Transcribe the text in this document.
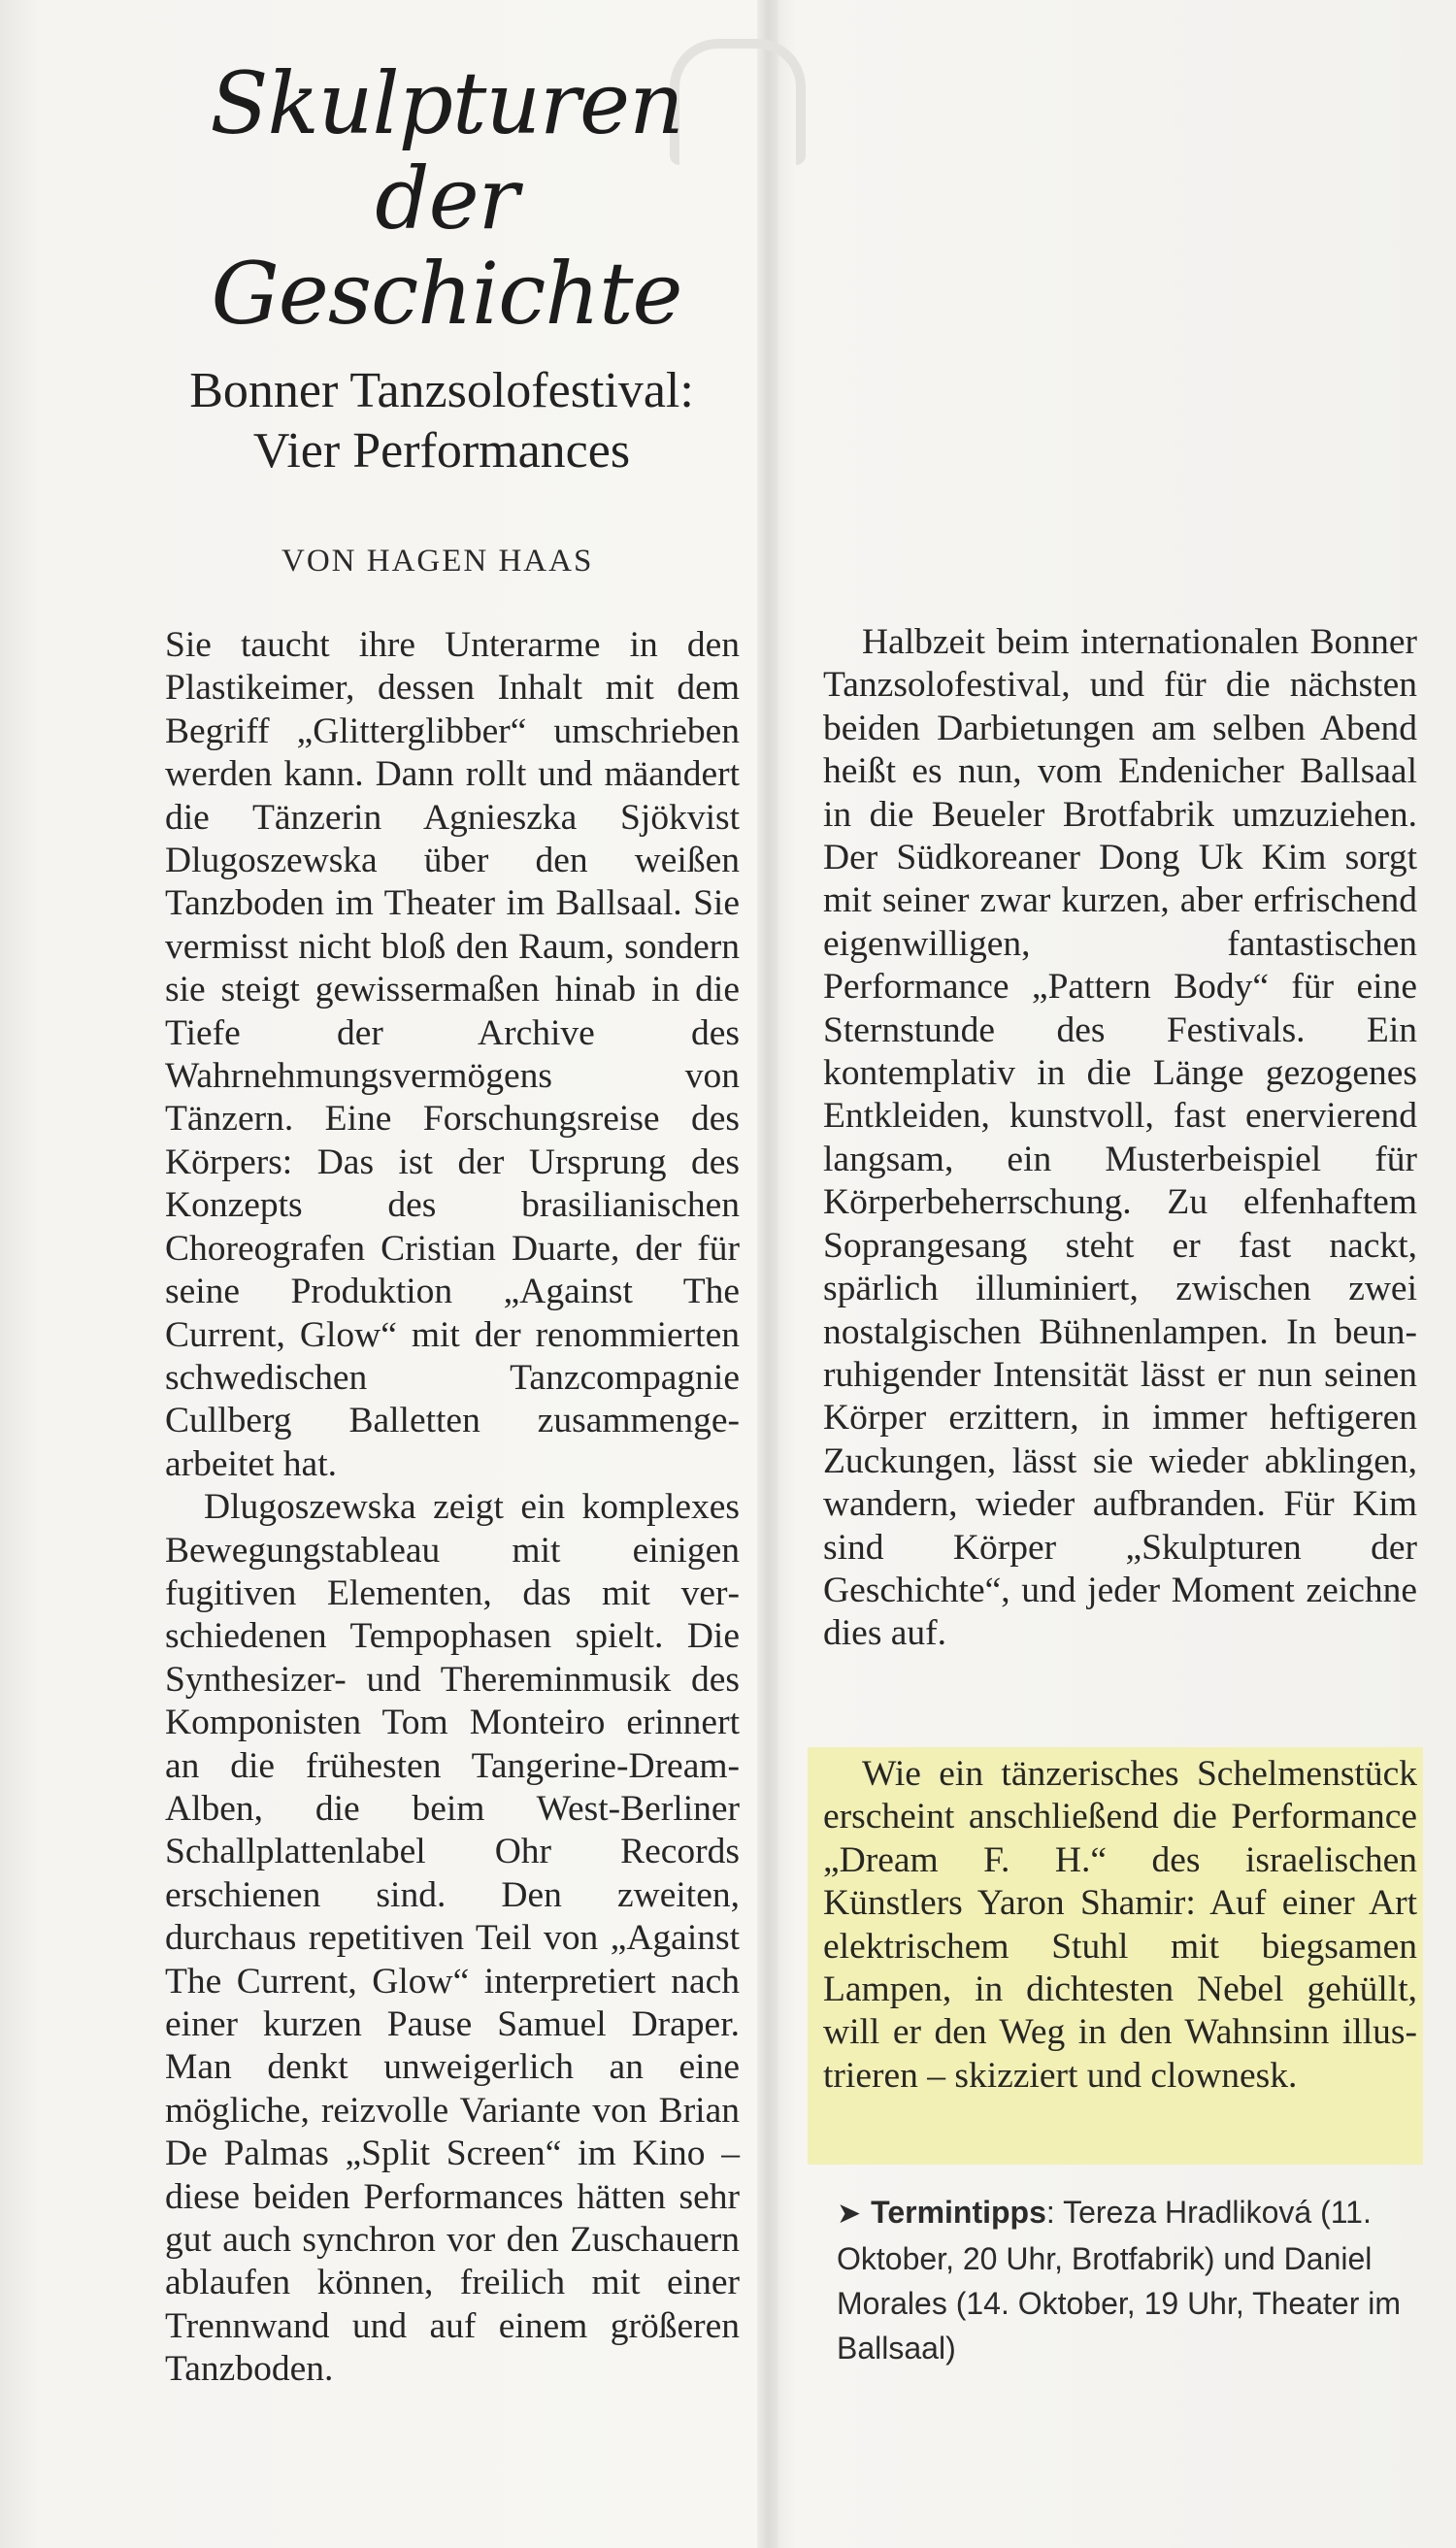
Skulpturen
der
Geschichte
Bonner Tanzsolofestival:
Vier Performances
VON HAGEN HAAS

Sie taucht ihre Unterarme in den Plastikeimer, dessen Inhalt mit dem Begriff „Glitterglibber“ umschrieben werden kann. Dann rollt und mäandert die Tänzerin Agnieszka Sjökvist Dlugoszewska über den weißen Tanzboden im Theater im Ballsaal. Sie vermisst nicht bloß den Raum, sondern sie steigt gewissermaßen hinab in die Tiefe der Archive des Wahrnehmungsvermögens von Tänzern. Eine Forschungsreise des Körpers: Das ist der Ursprung des Konzepts des brasilianischen Choreografen Cristian Duarte, der für seine Produktion „Against The Current, Glow“ mit der renommierten schwedischen Tanzcompagnie Cullberg Balletten zusammengearbeitet hat.

Dlugoszewska zeigt ein komplexes Bewegungstableau mit einigen fugitiven Elementen, das mit verschiedenen Tempophasen spielt. Die Synthesizer- und Thereminmusik des Komponisten Tom Monteiro erinnert an die frühesten Tangerine-Dream-Alben, die beim West-Berliner Schallplattenlabel Ohr Records erschienen sind. Den zweiten, durchaus repetitiven Teil von „Against The Current, Glow“ interpretiert nach einer kurzen Pause Samuel Draper. Man denkt unweigerlich an eine mögliche, reizvolle Variante von Brian De Palmas „Split Screen“ im Kino – diese beiden Performances hätten sehr gut auch synchron vor den Zuschauern ablaufen können, freilich mit einer Trennwand und auf einem größeren Tanzboden.

Halbzeit beim internationalen Bonner Tanzsolofestival, und für die nächsten beiden Darbietungen am selben Abend heißt es nun, vom Endenicher Ballsaal in die Beueler Brotfabrik umzuziehen. Der Südkoreaner Dong Uk Kim sorgt mit seiner zwar kurzen, aber erfrischend eigenwilligen, fantastischen Performance „Pattern Body“ für eine Sternstunde des Festivals. Ein kontemplativ in die Länge gezogenes Entkleiden, kunstvoll, fast enervierend langsam, ein Musterbeispiel für Körperbeherrschung. Zu elfenhaftem Soprangesang steht er fast nackt, spärlich illuminiert, zwischen zwei nostalgischen Bühnenlampen. In beunruhigender Intensität lässt er nun seinen Körper erzittern, in immer heftigeren Zuckungen, lässt sie wieder abklingen, wandern, wieder aufbranden. Für Kim sind Körper „Skulpturen der Geschichte“, und jeder Moment zeichne dies auf.

Wie ein tänzerisches Schelmenstück erscheint anschließend die Performance „Dream F. H.“ des israelischen Künstlers Yaron Shamir: Auf einer Art elektrischem Stuhl mit biegsamen Lampen, in dichtesten Nebel gehüllt, will er den Weg in den Wahnsinn illustrieren – skizziert und clownesk.

➤ Termintipps: Tereza Hradliková (11. Oktober, 20 Uhr, Brotfabrik) und Daniel Morales (14. Oktober, 19 Uhr, Theater im Ballsaal)
